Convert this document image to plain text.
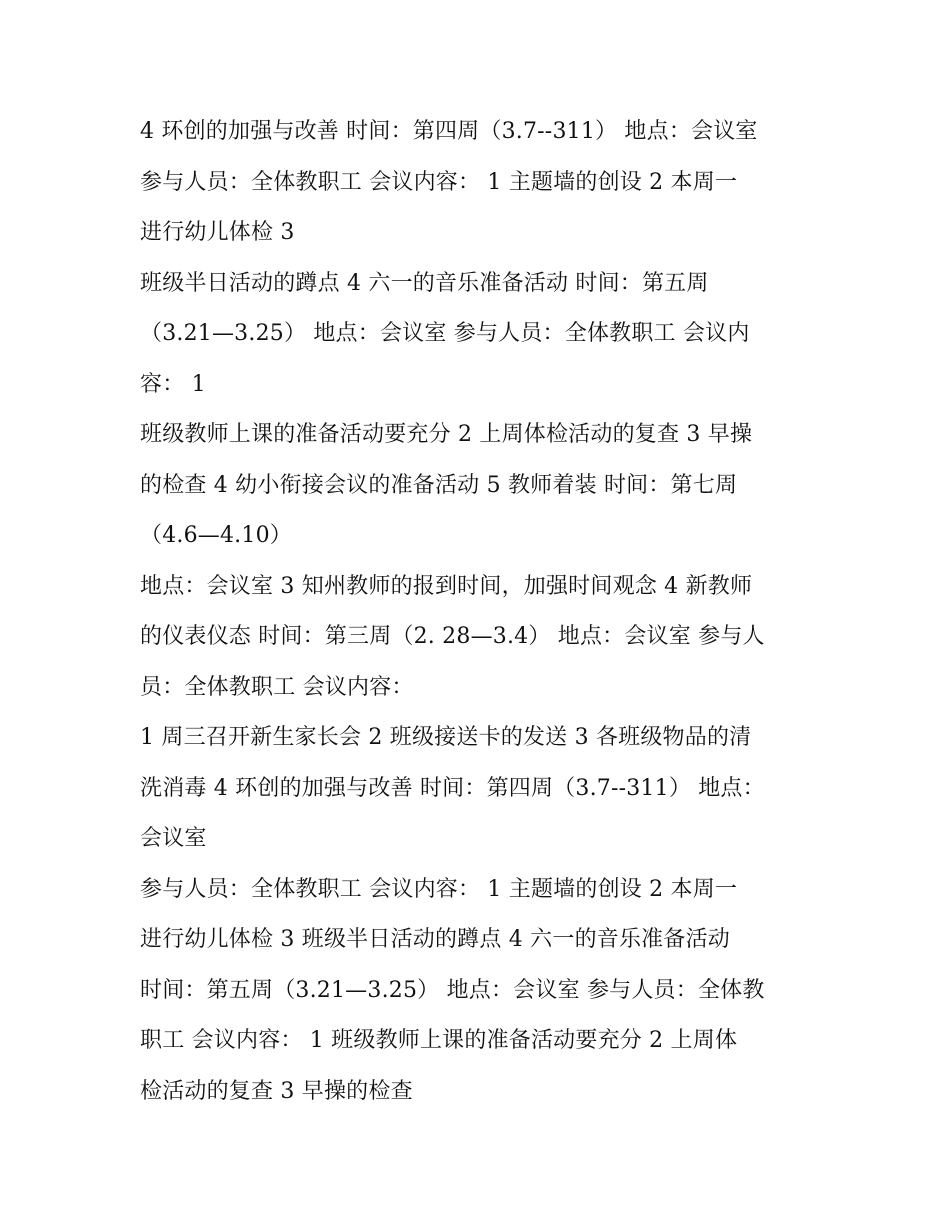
4 环创的加强与改善 时间：第四周（3.7--311） 地点：会议室
参与人员：全体教职工 会议内容： 1 主题墙的创设 2 本周一
进行幼儿体检 3
班级半日活动的蹲点 4 六一的音乐准备活动 时间：第五周
（3.21—3.25） 地点：会议室 参与人员：全体教职工 会议内
容： 1
班级教师上课的准备活动要充分 2 上周体检活动的复查 3 早操
的检查 4 幼小衔接会议的准备活动 5 教师着装 时间：第七周
（4.6—4.10）
地点：会议室 3 知州教师的报到时间，加强时间观念 4 新教师
的仪表仪态 时间：第三周（2. 28—3.4） 地点：会议室 参与人
员：全体教职工 会议内容：
1 周三召开新生家长会 2 班级接送卡的发送 3 各班级物品的清
洗消毒 4 环创的加强与改善 时间：第四周（3.7--311） 地点：
会议室
参与人员：全体教职工 会议内容： 1 主题墙的创设 2 本周一
进行幼儿体检 3 班级半日活动的蹲点 4 六一的音乐准备活动
时间：第五周（3.21—3.25） 地点：会议室 参与人员：全体教
职工 会议内容： 1 班级教师上课的准备活动要充分 2 上周体
检活动的复查 3 早操的检查
